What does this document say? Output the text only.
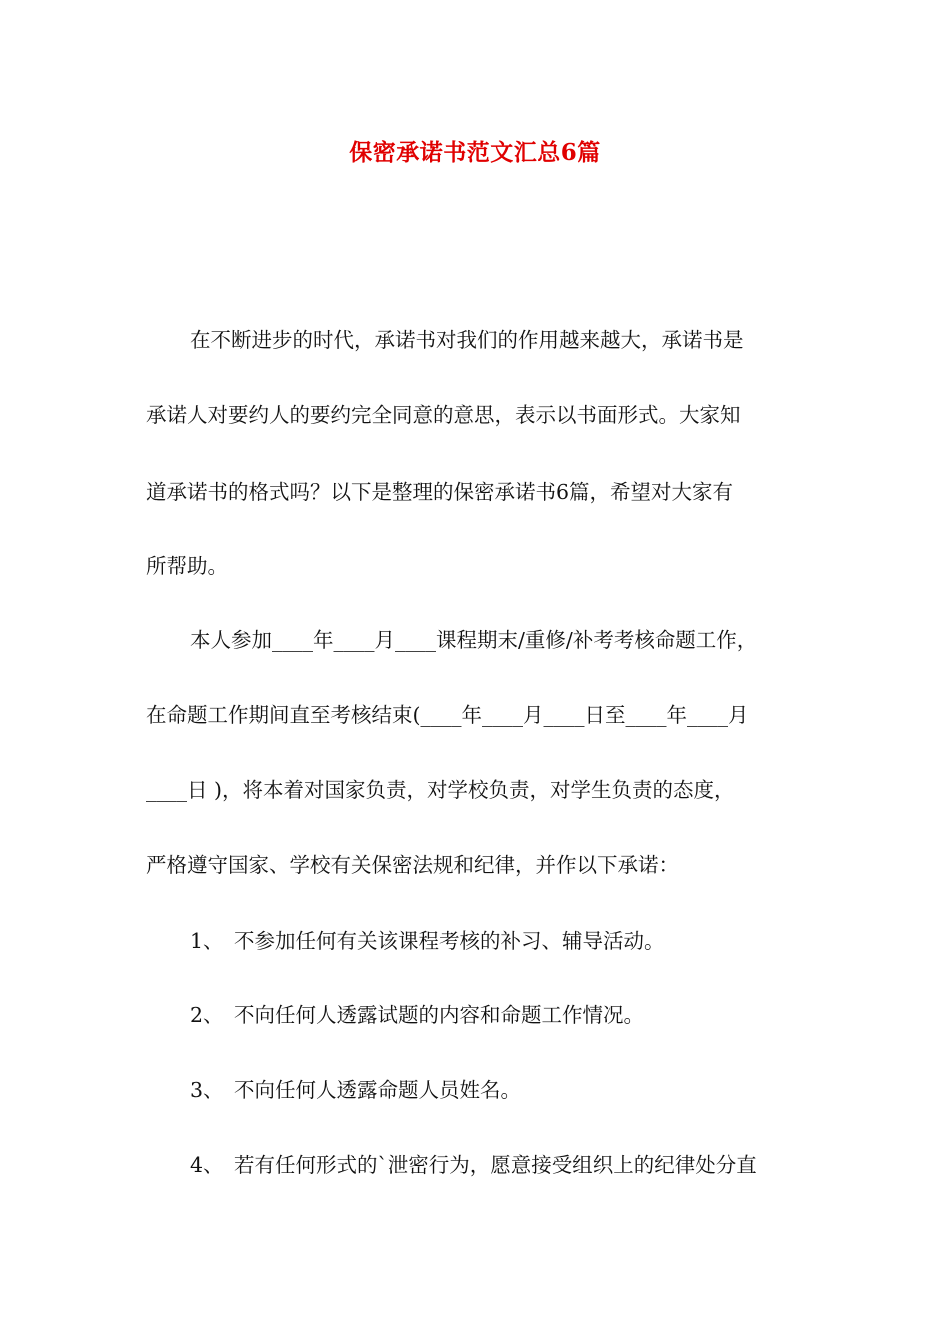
保密承诺书范文汇总6篇
在不断进步的时代，承诺书对我们的作用越来越大，承诺书是
承诺人对要约人的要约完全同意的意思，表示以书面形式。大家知
道承诺书的格式吗？以下是整理的保密承诺书6篇，希望对大家有
所帮助。
本人参加____年____月____课程期末/重修/补考考核命题工作，
在命题工作期间直至考核结束(____年____月____日至____年____月
____日 )，将本着对国家负责，对学校负责，对学生负责的态度，
严格遵守国家、学校有关保密法规和纪律，并作以下承诺：
1、 不参加任何有关该课程考核的补习、辅导活动。
2、 不向任何人透露试题的内容和命题工作情况。
3、 不向任何人透露命题人员姓名。
4、 若有任何形式的`泄密行为，愿意接受组织上的纪律处分直
